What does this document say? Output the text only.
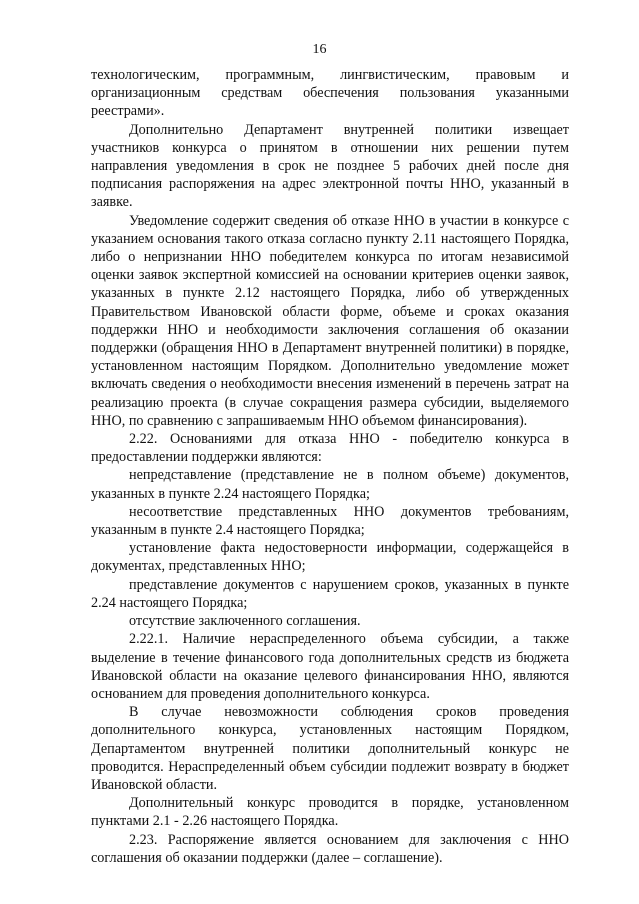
16

технологическим, программным, лингвистическим, правовым и организационным средствам обеспечения пользования указанными реестрами».

Дополнительно Департамент внутренней политики извещает участников конкурса о принятом в отношении них решении путем направления уведомления в срок не позднее 5 рабочих дней после дня подписания распоряжения на адрес электронной почты ННО, указанный в заявке.

Уведомление содержит сведения об отказе ННО в участии в конкурсе с указанием основания такого отказа согласно пункту 2.11 настоящего Порядка, либо о непризнании ННО победителем конкурса по итогам независимой оценки заявок экспертной комиссией на основании критериев оценки заявок, указанных в пункте 2.12 настоящего Порядка, либо об утвержденных Правительством Ивановской области форме, объеме и сроках оказания поддержки ННО и необходимости заключения соглашения об оказании поддержки (обращения ННО в Департамент внутренней политики) в порядке, установленном настоящим Порядком. Дополнительно уведомление может включать сведения о необходимости внесения изменений в перечень затрат на реализацию проекта (в случае сокращения размера субсидии, выделяемого ННО, по сравнению с запрашиваемым ННО объемом финансирования).

2.22. Основаниями для отказа ННО - победителю конкурса в предоставлении поддержки являются:

непредставление (представление не в полном объеме) документов, указанных в пункте 2.24 настоящего Порядка;

несоответствие представленных ННО документов требованиям, указанным в пункте 2.4 настоящего Порядка;

установление факта недостоверности информации, содержащейся в документах, представленных ННО;

представление документов с нарушением сроков, указанных в пункте 2.24 настоящего Порядка;

отсутствие заключенного соглашения.

2.22.1. Наличие нераспределенного объема субсидии, а также выделение в течение финансового года дополнительных средств из бюджета Ивановской области на оказание целевого финансирования ННО, являются основанием для проведения дополнительного конкурса.

В случае невозможности соблюдения сроков проведения дополнительного конкурса, установленных настоящим Порядком, Департаментом внутренней политики дополнительный конкурс не проводится. Нераспределенный объем субсидии подлежит возврату в бюджет Ивановской области.

Дополнительный конкурс проводится в порядке, установленном пунктами 2.1 - 2.26 настоящего Порядка.

2.23. Распоряжение является основанием для заключения с ННО соглашения об оказании поддержки (далее – соглашение).
